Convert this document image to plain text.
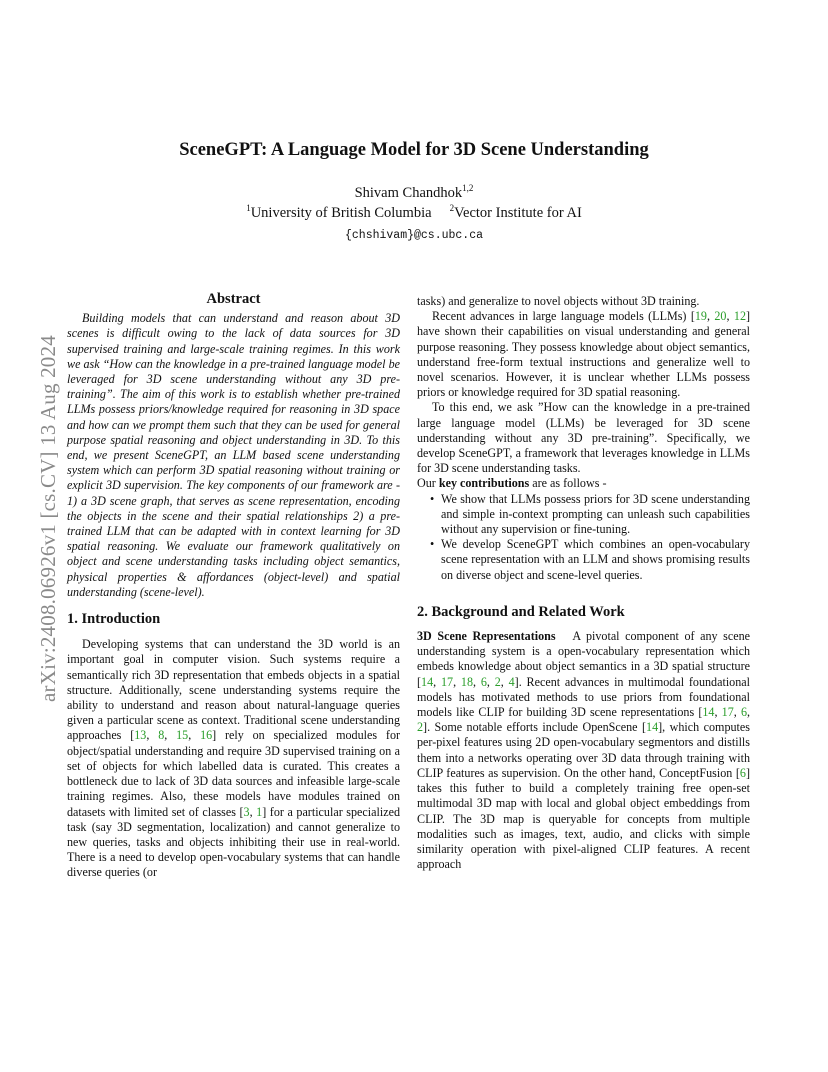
arXiv:2408.06926v1 [cs.CV] 13 Aug 2024
SceneGPT: A Language Model for 3D Scene Understanding
Shivam Chandhok$^{1,2}$
$^1$University of British Columbia $^2$Vector Institute for AI
{chshivam}@cs.ubc.ca
Abstract

Building models that can understand and reason about 3D scenes is difficult owing to the lack of data sources for 3D supervised training and large-scale training regimes. In this work we ask “How can the knowledge in a pre-trained language model be leveraged for 3D scene understanding without any 3D pre-training”. The aim of this work is to establish whether pre-trained LLMs possess priors/knowledge required for reasoning in 3D space and how can we prompt them such that they can be used for general purpose spatial reasoning and object understanding in 3D. To this end, we present SceneGPT, an LLM based scene understanding system which can perform 3D spatial reasoning without training or explicit 3D supervision. The key components of our framework are - 1) a 3D scene graph, that serves as scene representation, encoding the objects in the scene and their spatial relationships 2) a pre-trained LLM that can be adapted with in context learning for 3D spatial reasoning. We evaluate our framework qualitatively on object and scene understanding tasks including object semantics, physical properties & affordances (object-level) and spatial understanding (scene-level).

1. Introduction

Developing systems that can understand the 3D world is an important goal in computer vision. Such systems require a semantically rich 3D representation that embeds objects in a spatial structure. Additionally, scene understanding systems require the ability to understand and reason about natural-language queries given a particular scene as context. Traditional scene understanding approaches [13, 8, 15, 16] rely on specialized modules for object/spatial understanding and require 3D supervised training on a set of objects for which labelled data is curated. This creates a bottleneck due to lack of 3D data sources and infeasible large-scale training regimes. Also, these models have modules trained on datasets with limited set of classes [3, 1] for a particular specialized task (say 3D segmentation, localization) and cannot generalize to new queries, tasks and objects inhibiting their use in real-world. There is a need to develop open-vocabulary systems that can handle diverse queries (or

tasks) and generalize to novel objects without 3D training.

Recent advances in large language models (LLMs) [19, 20, 12] have shown their capabilities on visual understanding and general purpose reasoning. They possess knowledge about object semantics, understand free-form textual instructions and generalize well to novel scenarios. However, it is unclear whether LLMs possess priors or knowledge required for 3D spatial reasoning.

To this end, we ask ”How can the knowledge in a pre-trained large language model (LLMs) be leveraged for 3D scene understanding without any 3D pre-training”. Specifically, we develop SceneGPT, a framework that leverages knowledge in LLMs for 3D scene understanding tasks.

Our key contributions are as follows -

• We show that LLMs possess priors for 3D scene understanding and simple in-context prompting can unleash such capabilities without any supervision or fine-tuning.
• We develop SceneGPT which combines an open-vocabulary scene representation with an LLM and shows promising results on diverse object and scene-level queries.
2. Background and Related Work

3D Scene Representations A pivotal component of any scene understanding system is a open-vocabulary representation which embeds knowledge about object semantics in a 3D spatial structure [14, 17, 18, 6, 2, 4]. Recent advances in multimodal foundational models has motivated methods to use priors from foundational models like CLIP for building 3D scene representations [14, 17, 6, 2]. Some notable efforts include OpenScene [14], which computes per-pixel features using 2D open-vocabulary segmentors and distills them into a networks operating over 3D data through training with CLIP features as supervision. On the other hand, ConceptFusion [6] takes this futher to build a completely training free open-set multimodal 3D map with local and global object embeddings from CLIP. The 3D map is queryable for concepts from multiple modalities such as images, text, audio, and clicks with simple similarity operation with pixel-aligned CLIP features. A recent approach
